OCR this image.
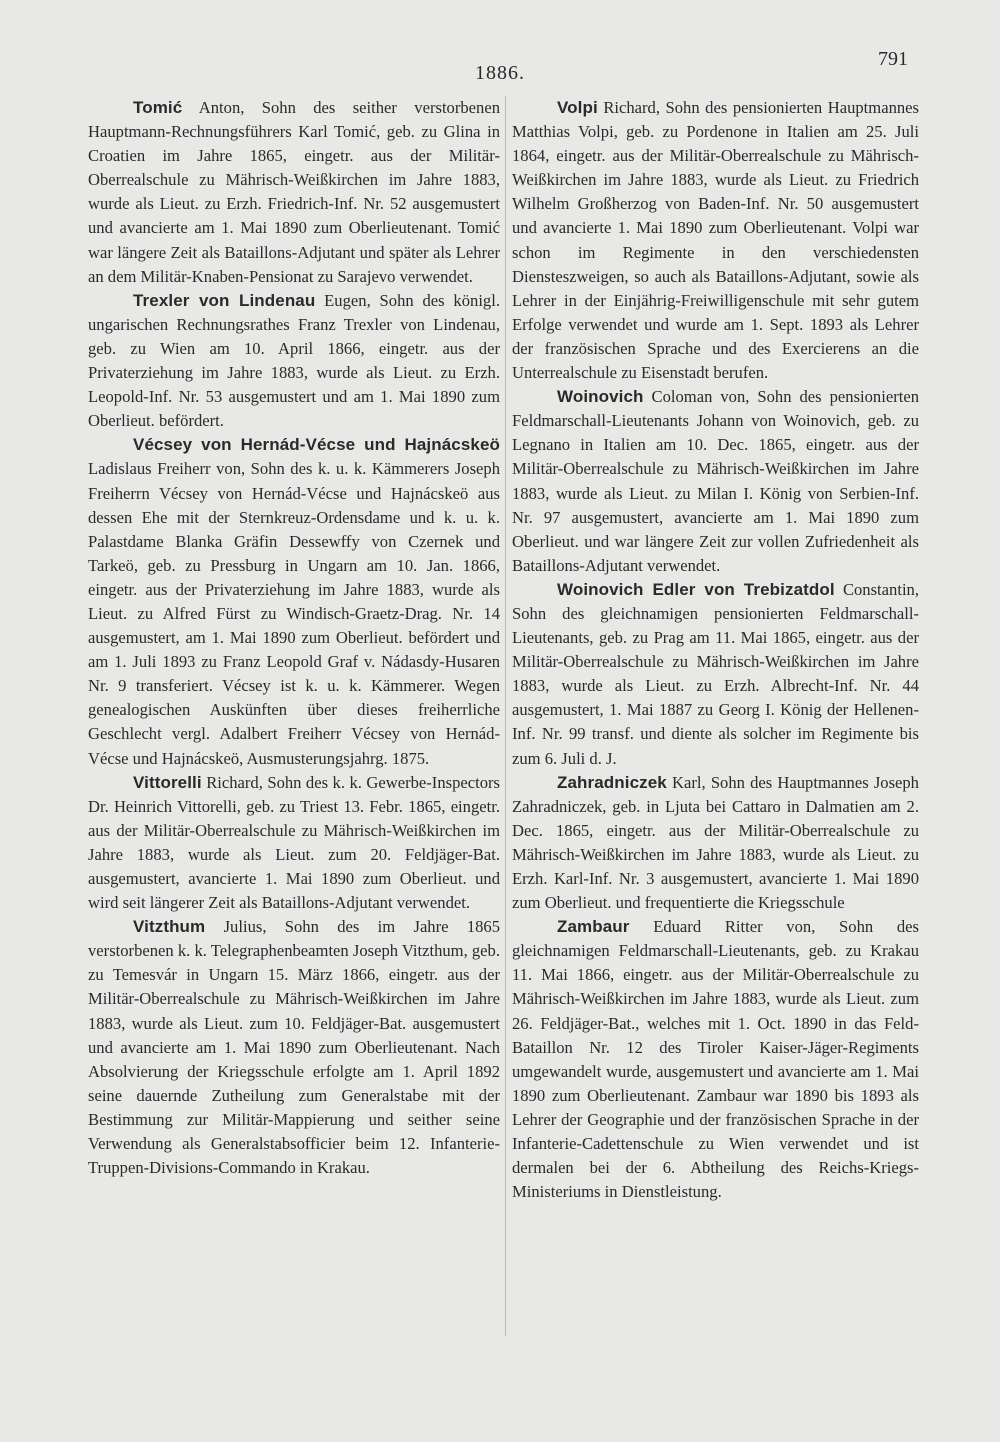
1886.
791

Tomić Anton, Sohn des seither verstorbenen Hauptmann-Rechnungsführers Karl Tomić, geb. zu Glina in Croatien im Jahre 1865, eingetr. aus der Militär-Oberrealschule zu Mährisch-Weißkirchen im Jahre 1883, wurde als Lieut. zu Erzh. Friedrich-Inf. Nr. 52 ausgemustert und avancierte am 1. Mai 1890 zum Oberlieutenant. Tomić war längere Zeit als Bataillons-Adjutant und später als Lehrer an dem Militär-Knaben-Pensionat zu Sarajevo verwendet.

Trexler von Lindenau Eugen, Sohn des königl. ungarischen Rechnungsrathes Franz Trexler von Lindenau, geb. zu Wien am 10. April 1866, eingetr. aus der Privaterziehung im Jahre 1883, wurde als Lieut. zu Erzh. Leopold-Inf. Nr. 53 ausgemustert und am 1. Mai 1890 zum Oberlieut. befördert.

Vécsey von Hernád-Vécse und Hajnácskeö Ladislaus Freiherr von, Sohn des k. u. k. Kämmerers Joseph Freiherrn Vécsey von Hernád-Vécse und Hajnácskeö aus dessen Ehe mit der Sternkreuz-Ordensdame und k. u. k. Palastdame Blanka Gräfin Dessewffy von Czernek und Tarkeö, geb. zu Pressburg in Ungarn am 10. Jan. 1866, eingetr. aus der Privaterziehung im Jahre 1883, wurde als Lieut. zu Alfred Fürst zu Windisch-Graetz-Drag. Nr. 14 ausgemustert, am 1. Mai 1890 zum Oberlieut. befördert und am 1. Juli 1893 zu Franz Leopold Graf v. Nádasdy-Husaren Nr. 9 transferiert. Vécsey ist k. u. k. Kämmerer. Wegen genealogischen Auskünften über dieses freiherrliche Geschlecht vergl. Adalbert Freiherr Vécsey von Hernád-Vécse und Hajnácskeö, Ausmusterungsjahrg. 1875.

Vittorelli Richard, Sohn des k. k. Gewerbe-Inspectors Dr. Heinrich Vittorelli, geb. zu Triest 13. Febr. 1865, eingetr. aus der Militär-Oberrealschule zu Mährisch-Weißkirchen im Jahre 1883, wurde als Lieut. zum 20. Feldjäger-Bat. ausgemustert, avancierte 1. Mai 1890 zum Oberlieut. und wird seit längerer Zeit als Bataillons-Adjutant verwendet.

Vitzthum Julius, Sohn des im Jahre 1865 verstorbenen k. k. Telegraphenbeamten Joseph Vitzthum, geb. zu Temesvár in Ungarn 15. März 1866, eingetr. aus der Militär-Oberrealschule zu Mährisch-Weißkirchen im Jahre 1883, wurde als Lieut. zum 10. Feldjäger-Bat. ausgemustert und avancierte am 1. Mai 1890 zum Oberlieutenant. Nach Absolvierung der Kriegsschule erfolgte am 1. April 1892 seine dauernde Zutheilung zum Generalstabe mit der Bestimmung zur Militär-Mappierung und seither seine Verwendung als Generalstabsofficier beim 12. Infanterie-Truppen-Divisions-Commando in Krakau.

Volpi Richard, Sohn des pensionierten Hauptmannes Matthias Volpi, geb. zu Pordenone in Italien am 25. Juli 1864, eingetr. aus der Militär-Oberrealschule zu Mährisch-Weißkirchen im Jahre 1883, wurde als Lieut. zu Friedrich Wilhelm Großherzog von Baden-Inf. Nr. 50 ausgemustert und avancierte 1. Mai 1890 zum Oberlieutenant. Volpi war schon im Regimente in den verschiedensten Diensteszweigen, so auch als Bataillons-Adjutant, sowie als Lehrer in der Einjährig-Freiwilligenschule mit sehr gutem Erfolge verwendet und wurde am 1. Sept. 1893 als Lehrer der französischen Sprache und des Exercierens an die Unterrealschule zu Eisenstadt berufen.

Woinovich Coloman von, Sohn des pensionierten Feldmarschall-Lieutenants Johann von Woinovich, geb. zu Legnano in Italien am 10. Dec. 1865, eingetr. aus der Militär-Oberrealschule zu Mährisch-Weißkirchen im Jahre 1883, wurde als Lieut. zu Milan I. König von Serbien-Inf. Nr. 97 ausgemustert, avancierte am 1. Mai 1890 zum Oberlieut. und war längere Zeit zur vollen Zufriedenheit als Bataillons-Adjutant verwendet.

Woinovich Edler von Trebizatdol Constantin, Sohn des gleichnamigen pensionierten Feldmarschall-Lieutenants, geb. zu Prag am 11. Mai 1865, eingetr. aus der Militär-Oberrealschule zu Mährisch-Weißkirchen im Jahre 1883, wurde als Lieut. zu Erzh. Albrecht-Inf. Nr. 44 ausgemustert, 1. Mai 1887 zu Georg I. König der Hellenen-Inf. Nr. 99 transf. und diente als solcher im Regimente bis zum 6. Juli d. J.

Zahradniczek Karl, Sohn des Hauptmannes Joseph Zahradniczek, geb. in Ljuta bei Cattaro in Dalmatien am 2. Dec. 1865, eingetr. aus der Militär-Oberrealschule zu Mährisch-Weißkirchen im Jahre 1883, wurde als Lieut. zu Erzh. Karl-Inf. Nr. 3 ausgemustert, avancierte 1. Mai 1890 zum Oberlieut. und frequentierte die Kriegsschule

Zambaur Eduard Ritter von, Sohn des gleichnamigen Feldmarschall-Lieutenants, geb. zu Krakau 11. Mai 1866, eingetr. aus der Militär-Oberrealschule zu Mährisch-Weißkirchen im Jahre 1883, wurde als Lieut. zum 26. Feldjäger-Bat., welches mit 1. Oct. 1890 in das Feld-Bataillon Nr. 12 des Tiroler Kaiser-Jäger-Regiments umgewandelt wurde, ausgemustert und avancierte am 1. Mai 1890 zum Oberlieutenant. Zambaur war 1890 bis 1893 als Lehrer der Geographie und der französischen Sprache in der Infanterie-Cadettenschule zu Wien verwendet und ist dermalen bei der 6. Abtheilung des Reichs-Kriegs-Ministeriums in Dienstleistung.
